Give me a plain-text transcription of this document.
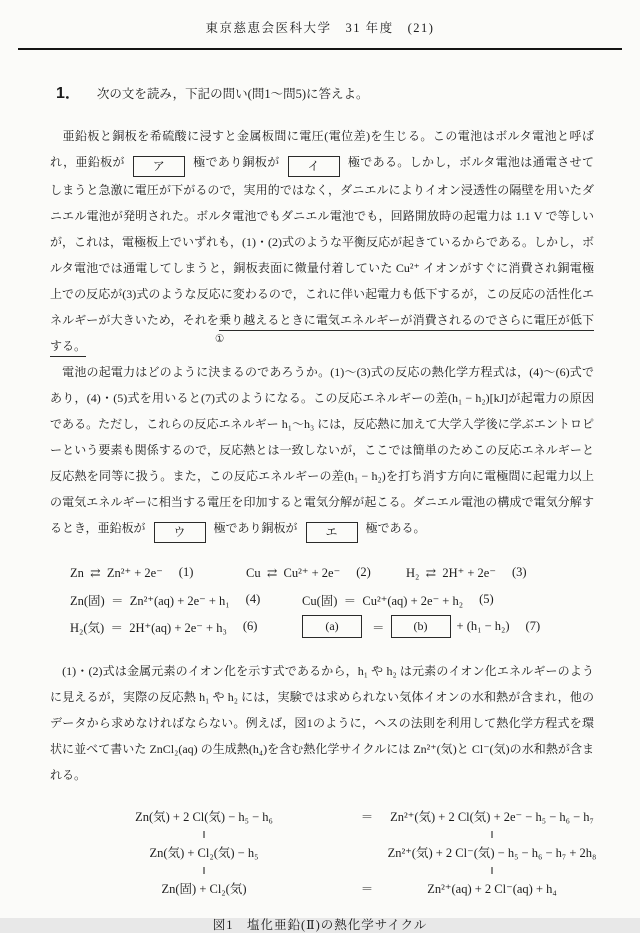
東京慈恵会医科大学　31 年度　(21)
1． 次の文を読み，下記の問い(問1〜問5)に答えよ。

　亜鉛板と銅板を希硫酸に浸すと金属板間に電圧(電位差)を生じる。この電池はボルタ電池と呼ばれ，亜鉛板が ア 極であり銅板が イ 極である。しかし，ボルタ電池は通電させてしまうと急激に電圧が下がるので，実用的ではなく，ダニエルによりイオン浸透性の隔壁を用いたダニエル電池が発明された。ボルタ電池でもダニエル電池でも，回路開放時の起電力は 1.1 V で等しいが，これは，電極板上でいずれも，(1)・(2)式のような平衡反応が起きているからである。しかし，ボルタ電池では通電してしまうと，銅板表面に微量付着していた Cu²⁺ イオンがすぐに消費され銅電極上での反応が(3)式のような反応に変わるので，これに伴い起電力も低下するが，この反応の活性化エネルギーが大きいため，それを
①
乗り越えるときに電気エネルギーが消費されるのでさらに電圧が低下する。

　電池の起電力はどのように決まるのであろうか。(1)〜(3)式の反応の熱化学方程式は，(4)〜(6)式であり，(4)・(5)式を用いると(7)式のようになる。この反応エネルギーの差(h₁ − h₂)[kJ]が起電力の原因である。ただし，これらの反応エネルギー h₁〜h₃ には，反応熱に加えて大学入学後に学ぶエントロピーという要素も関係するので，反応熱とは一致しないが，ここでは簡単のためこの反応エネルギーと反応熱を同等に扱う。また，この反応エネルギーの差(h₁ − h₂)を打ち消す方向に電極間に起電力以上の電気エネルギーに相当する電圧を印加すると電気分解が起こる。ダニエル電池の構成で電気分解するとき，亜鉛板が ウ 極であり銅板が エ 極である。

Zn  ⇄  Zn²⁺ + 2e⁻ (1)	Cu  ⇄  Cu²⁺ + 2e⁻ (2)	H₂  ⇄  2H⁺ + 2e⁻ (3)
Zn(固)  ＝  Zn²⁺(aq) + 2e⁻ + h₁ (4)	Cu(固)  ＝  Cu²⁺(aq) + 2e⁻ + h₂ (5)
H₂(気)  ＝  2H⁺(aq) + 2e⁻ + h₃ (6)	(a)	＝	(b)	+ (h₁ − h₂) (7)

　(1)・(2)式は金属元素のイオン化を示す式であるから，h₁ や h₂ は元素のイオン化エネルギーのように見えるが，実際の反応熱 h₁ や h₂ には，実験では求められない気体イオンの水和熱が含まれ，他のデータから求めなければならない。例えば，図1のように，ヘスの法則を利用して熱化学方程式を環状に並べて書いた ZnCl₂(aq) の生成熱(h₄)を含む熱化学サイクルには Zn²⁺(気)と Cl⁻(気)の水和熱が含まれる。

Zn(気) + 2 Cl(気) − h₅ − h₆	＝	Zn²⁺(気) + 2 Cl(気) + 2e⁻ − h₅ − h₆ − h₇
‖	‖
Zn(気) + Cl₂(気) − h₅	Zn²⁺(気) + 2 Cl⁻(気) − h₅ − h₆ − h₇ + 2h₈
‖	‖
Zn(固) + Cl₂(気)	＝	Zn²⁺(aq) + 2 Cl⁻(aq) + h₄
図1　塩化亜鉛(Ⅱ)の熱化学サイクル
